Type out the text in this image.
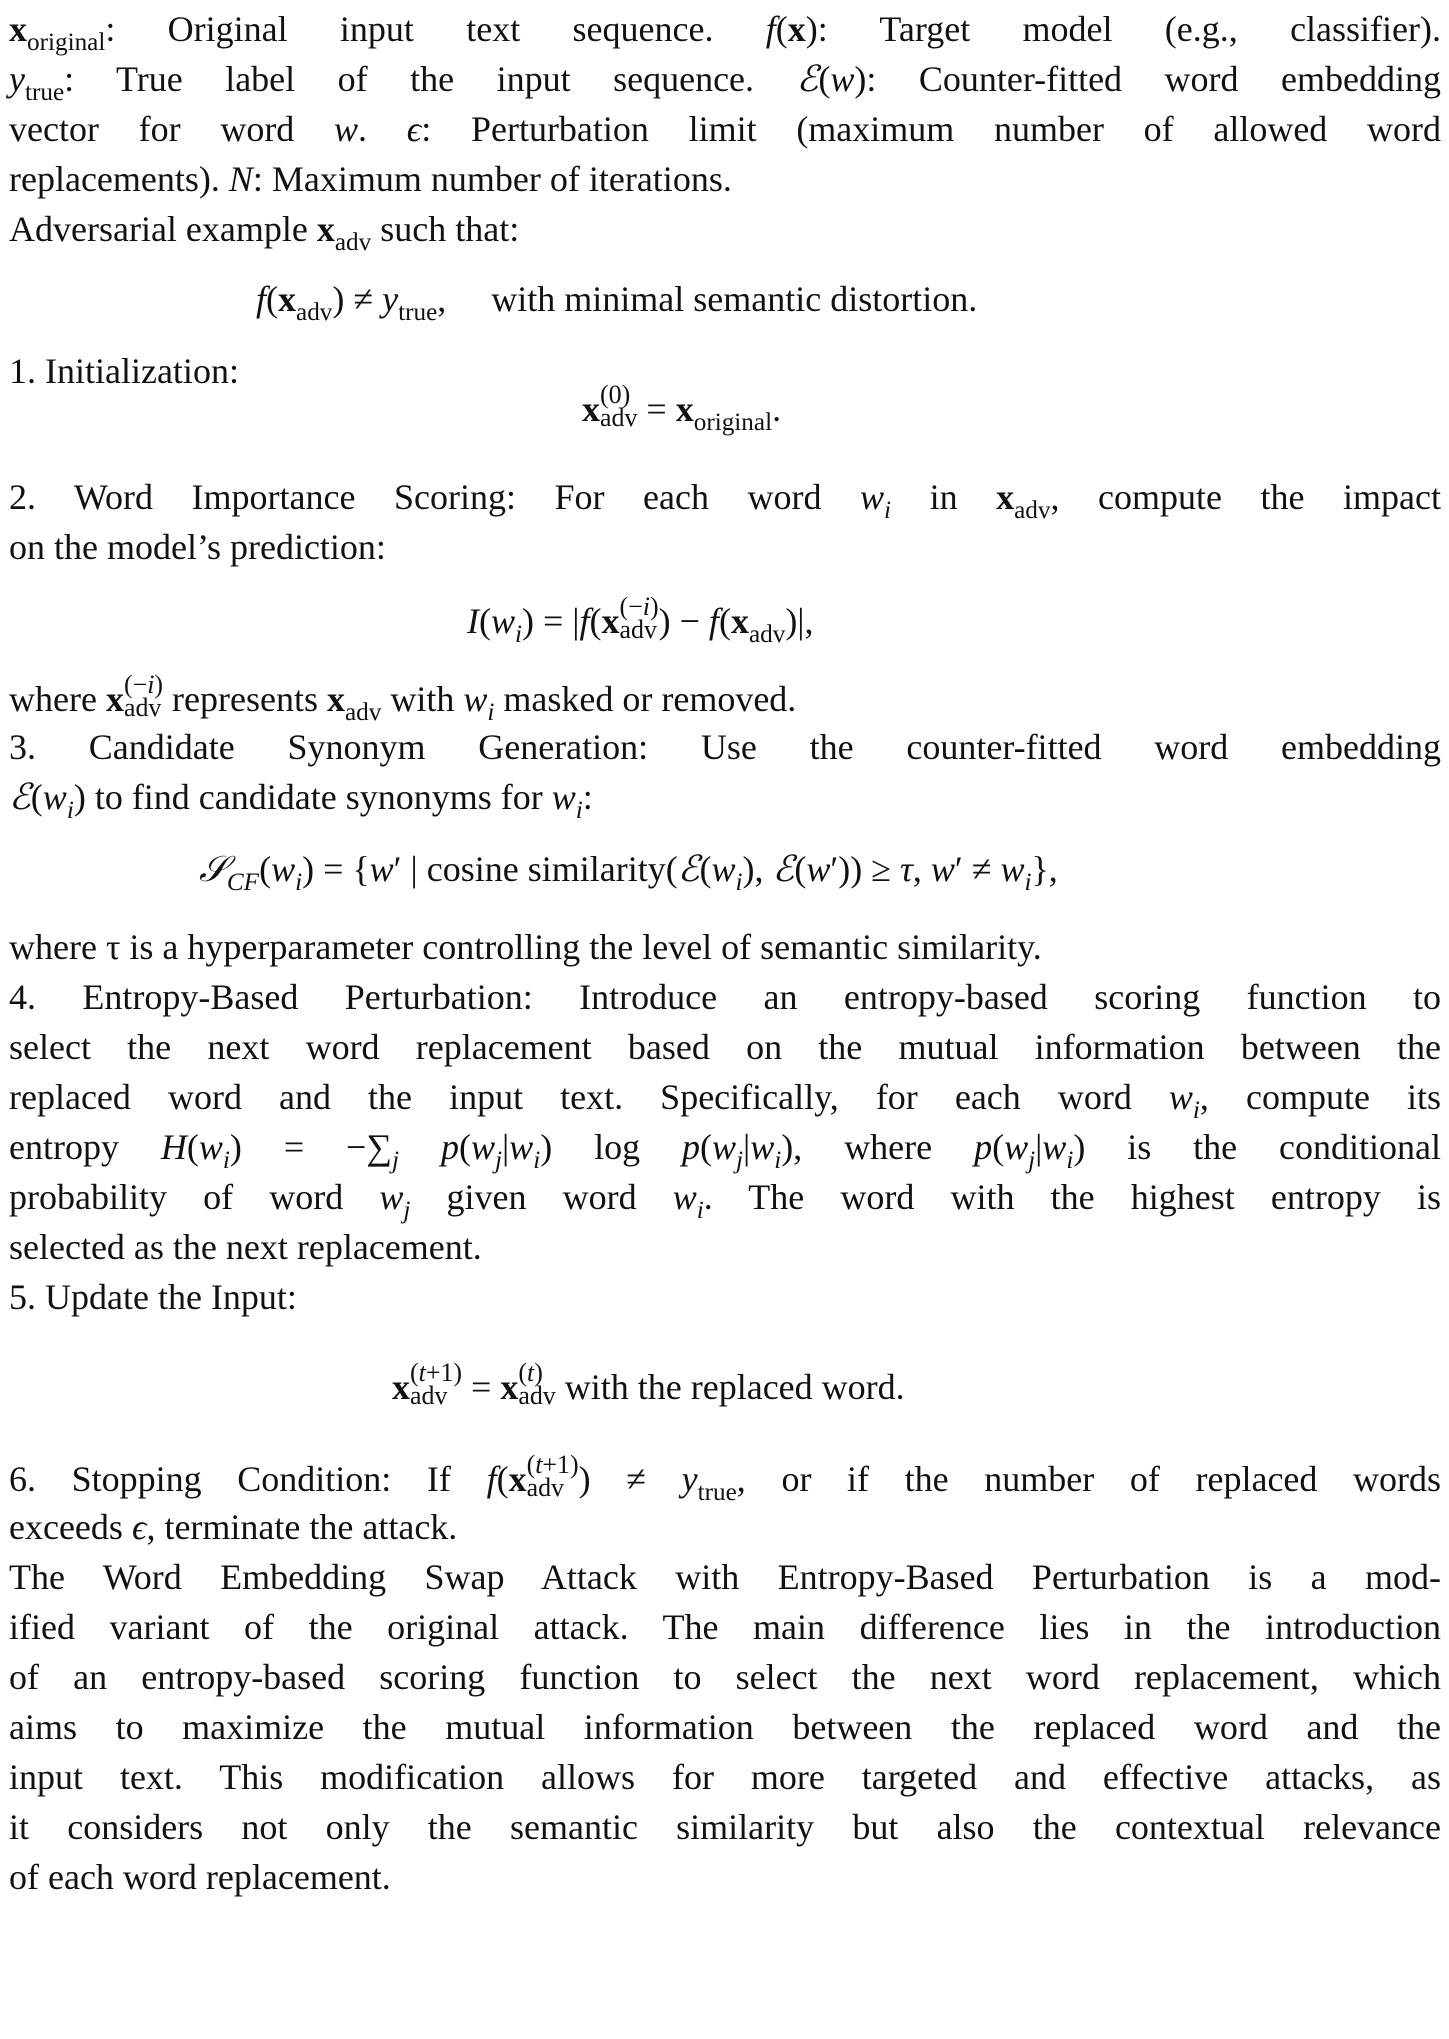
$x_{original}$: Original input text sequence. f(x): Target model (e.g., classifier).
$y_{true}$: True label of the input sequence. ℰ(w): Counter-fitted word embedding
vector for word w. ϵ: Perturbation limit (maximum number of allowed word
replacements). N: Maximum number of iterations.
Adversarial example $x_{adv}$ such that:
$f(x_{adv}) \ne y_{true}$,     with minimal semantic distortion.
1. Initialization:
x (0)
adv = $x_{original}$.
2. Word Importance Scoring: For each word $w_i$ in $x_{adv}$, compute the impact
on the model’s prediction:
$I(w_i) = |f(x$ (−i)
adv ) − $f(x_{adv})|$,
where x (−i)
adv represents $x_{adv}$ with $w_i$ masked or removed.
3. Candidate Synonym Generation: Use the counter-fitted word embedding
$ℰ(w_i)$ to find candidate synonyms for $w_i$:
$𝒮_{CF}(w_i) = \{w'$ | cosine $similarity(ℰ(w_i)$, ℰ(w′)) ≥ τ, $w' \ne w_i$},
where τ is a hyperparameter controlling the level of semantic similarity.
4. Entropy-Based Perturbation: Introduce an entropy-based scoring function to
select the next word replacement based on the mutual information between the
replaced word and the input text. Specifically, for each word $w_i$, compute its
entropy $H(w_i) = -\sum_j$ $p(w_j|w_i)$ $\log p(w_j|w_i)$, where $p(w_j|w_i)$ is the conditional
probability of word $w_j$ given word $w_i$. The word with the highest entropy is
selected as the next replacement.
5. Update the Input:
x (t+1)
adv = x (t)
adv with the replaced word.
6. Stopping Condition: If f(x (t+1)
adv ) ≠ $y_{true}$, or if the number of replaced words
exceeds ϵ, terminate the attack.
The Word Embedding Swap Attack with Entropy-Based Perturbation is a mod-
ified variant of the original attack. The main difference lies in the introduction
of an entropy-based scoring function to select the next word replacement, which
aims to maximize the mutual information between the replaced word and the
input text. This modification allows for more targeted and effective attacks, as
it considers not only the semantic similarity but also the contextual relevance
of each word replacement.
